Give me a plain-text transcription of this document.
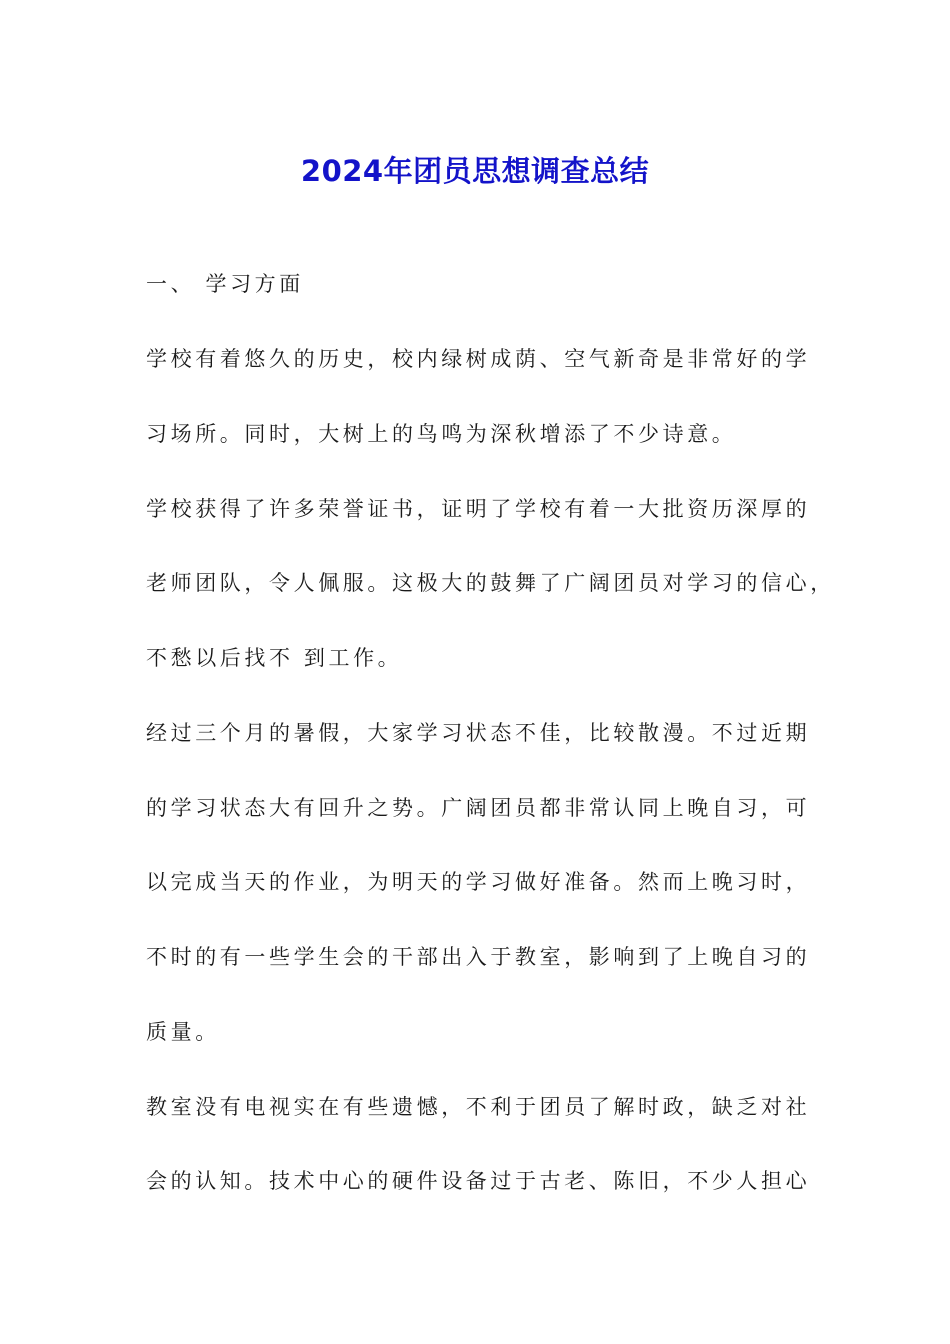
2024年团员思想调查总结

一、 学习方面

学校有着悠久的历史，校内绿树成荫、空气新奇是非常好的学

习场所。同时，大树上的鸟鸣为深秋增添了不少诗意。

学校获得了许多荣誉证书，证明了学校有着一大批资历深厚的

老师团队，令人佩服。这极大的鼓舞了广阔团员对学习的信心，

不愁以后找不 到工作。

经过三个月的暑假，大家学习状态不佳，比较散漫。不过近期

的学习状态大有回升之势。广阔团员都非常认同上晚自习，可

以完成当天的作业，为明天的学习做好准备。然而上晚习时，

不时的有一些学生会的干部出入于教室，影响到了上晚自习的

质量。

教室没有电视实在有些遗憾，不利于团员了解时政，缺乏对社

会的认知。技术中心的硬件设备过于古老、陈旧，不少人担心
